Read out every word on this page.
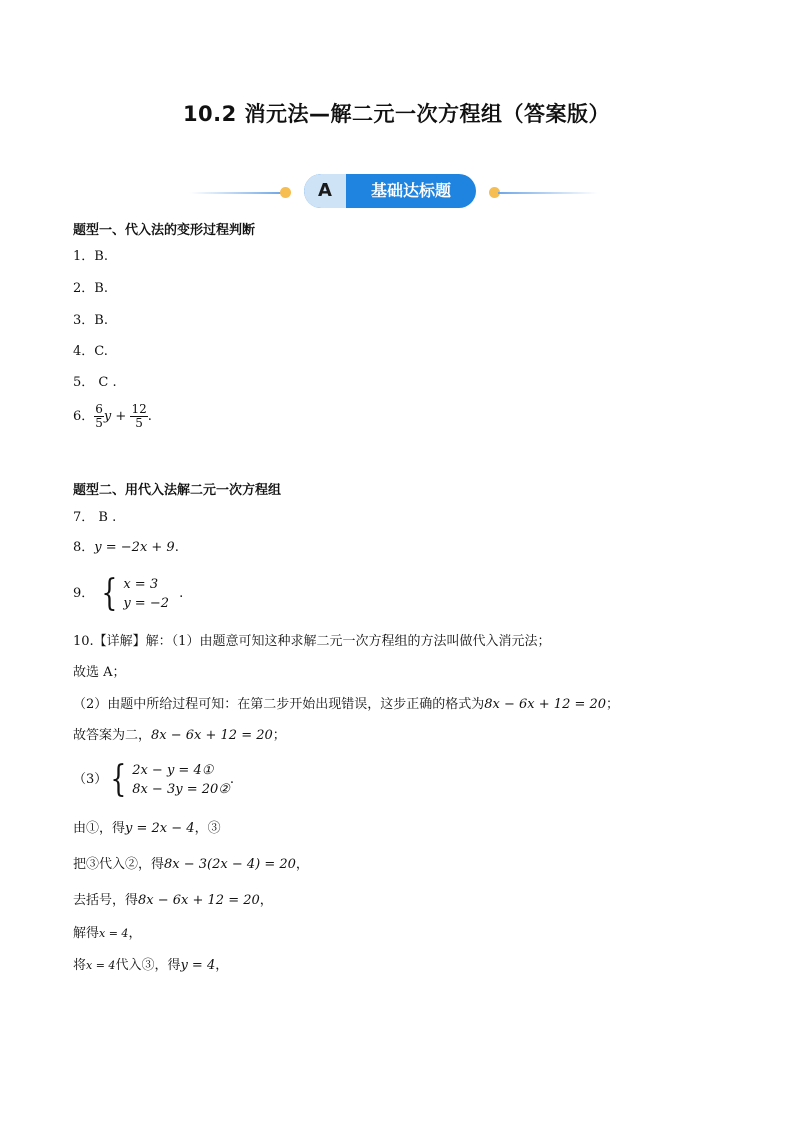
10.2 消元法—解二元一次方程组（答案版）
A	基础达标题
题型一、代入法的变形过程判断
1．B.
2．B.
3．B.
4．C.
5． C .
6． $\frac{6}{5}$ $y + \frac{12}{5}$ .
题型二、用代入法解二元一次方程组
7． B .
8．y = −2x + 9.
9． { x = 3
y = −2
.
10.【详解】解：（1）由题意可知这种求解二元一次方程组的方法叫做代入消元法；
故选 A；
（2）由题中所给过程可知：在第二步开始出现错误，这步正确的格式为8x − 6x + 12 = 20；
故答案为二，8x − 6x + 12 = 20；
（3） { 2x − y = 4①
8x − 3y = 20②
.
由①，得y = 2x − 4，③
把③代入②，得8x − 3(2x − 4) = 20，
去括号，得8x − 6x + 12 = 20，
解得x = 4，
将x = 4代入③，得y = 4，
